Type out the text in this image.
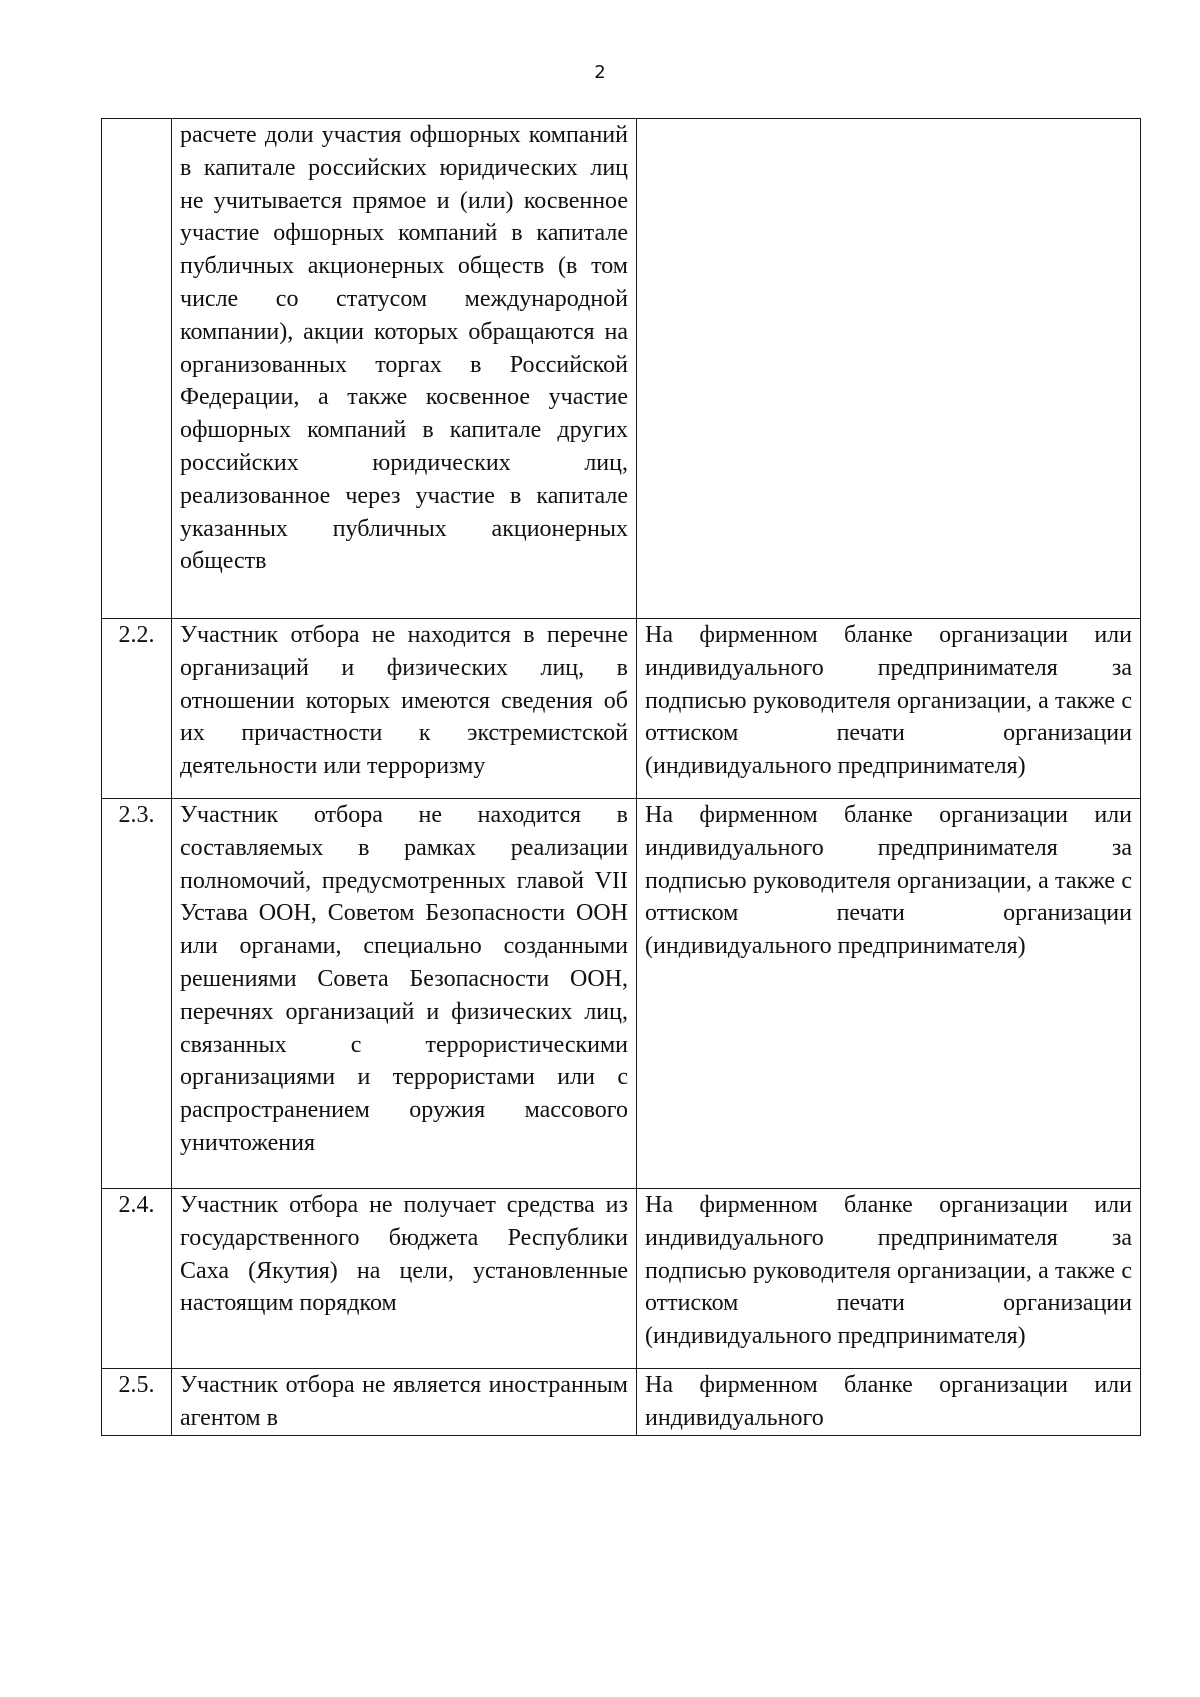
2
	расчете доли участия офшорных компаний в капитале российских юридических лиц не учитывается прямое и (или) косвенное участие офшорных компаний в капитале публичных акционерных обществ (в том числе со статусом международной компании), акции которых обращаются на организованных торгах в Российской Федерации, а также косвенное участие офшорных компаний в капитале других российских юридических лиц, реализованное через участие в капитале указанных публичных акционерных обществ	
2.2.	Участник отбора не находится в перечне организаций и физических лиц, в отношении которых имеются сведения об их причастности к экстремистской деятельности или терроризму	На фирменном бланке организации или индивидуального предпринимателя за подписью руководителя организации, а также с оттиском печати организации (индивидуального предпринимателя)
2.3.	Участник отбора не находится в составляемых в рамках реализации полномочий, предусмотренных главой VII Устава ООН, Советом Безопасности ООН или органами, специально созданными решениями Совета Безопасности ООН, перечнях организаций и физических лиц, связанных с террористическими организациями и террористами или с распространением оружия массового уничтожения	На фирменном бланке организации или индивидуального предпринимателя за подписью руководителя организации, а также с оттиском печати организации (индивидуального предпринимателя)
2.4.	Участник отбора не получает средства из государственного бюджета Республики Саха (Якутия) на цели, установленные настоящим порядком	На фирменном бланке организации или индивидуального предпринимателя за подписью руководителя организации, а также с оттиском печати организации (индивидуального предпринимателя)
2.5.	Участник отбора не является иностранным агентом в	На фирменном бланке организации или индивидуального
